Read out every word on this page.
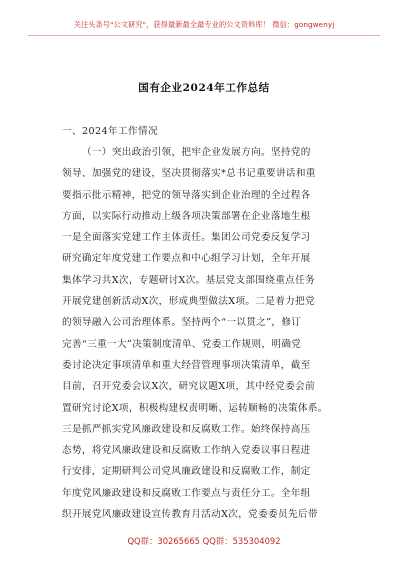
关注头条号"公文研究"，获得最新最全最专业的公文资料库！ 微信：gongwenyj
国有企业2024年工作总结
一、2024年工作情况
（一）突出政治引领，把牢企业发展方向。坚持党的
领导、加强党的建设，坚决贯彻落实*总书记重要讲话和重
要指示批示精神，把党的领导落实到企业治理的全过程各
方面，以实际行动推动上级各项决策部署在企业落地生根
一是全面落实党建工作主体责任。集团公司党委反复学习
研究确定年度党建工作要点和中心组学习计划，全年开展
集体学习共X次，专题研讨X次。基层党支部围绕重点任务
开展党建创新活动X次，形成典型做法X项。二是着力把党
的领导融入公司治理体系。坚持两个“一以贯之”，修订
完善“三重一大”决策制度清单、党委工作规则，明确党
委讨论决定事项清单和重大经营管理事项决策清单，截至
目前，召开党委会议X次，研究议题X项，其中经党委会前
置研究讨论X项，积极构建权责明晰、运转顺畅的决策体系。
三是抓严抓实党风廉政建设和反腐败工作。始终保持高压
态势，将党风廉政建设和反腐败工作纳入党委议事日程进
行安排，定期研判公司党风廉政建设和反腐败工作，制定
年度党风廉政建设和反腐败工作要点与责任分工。全年组
织开展党风廉政建设宣传教育月活动X次，党委委员先后带
QQ群：30265665 QQ群：535304092
